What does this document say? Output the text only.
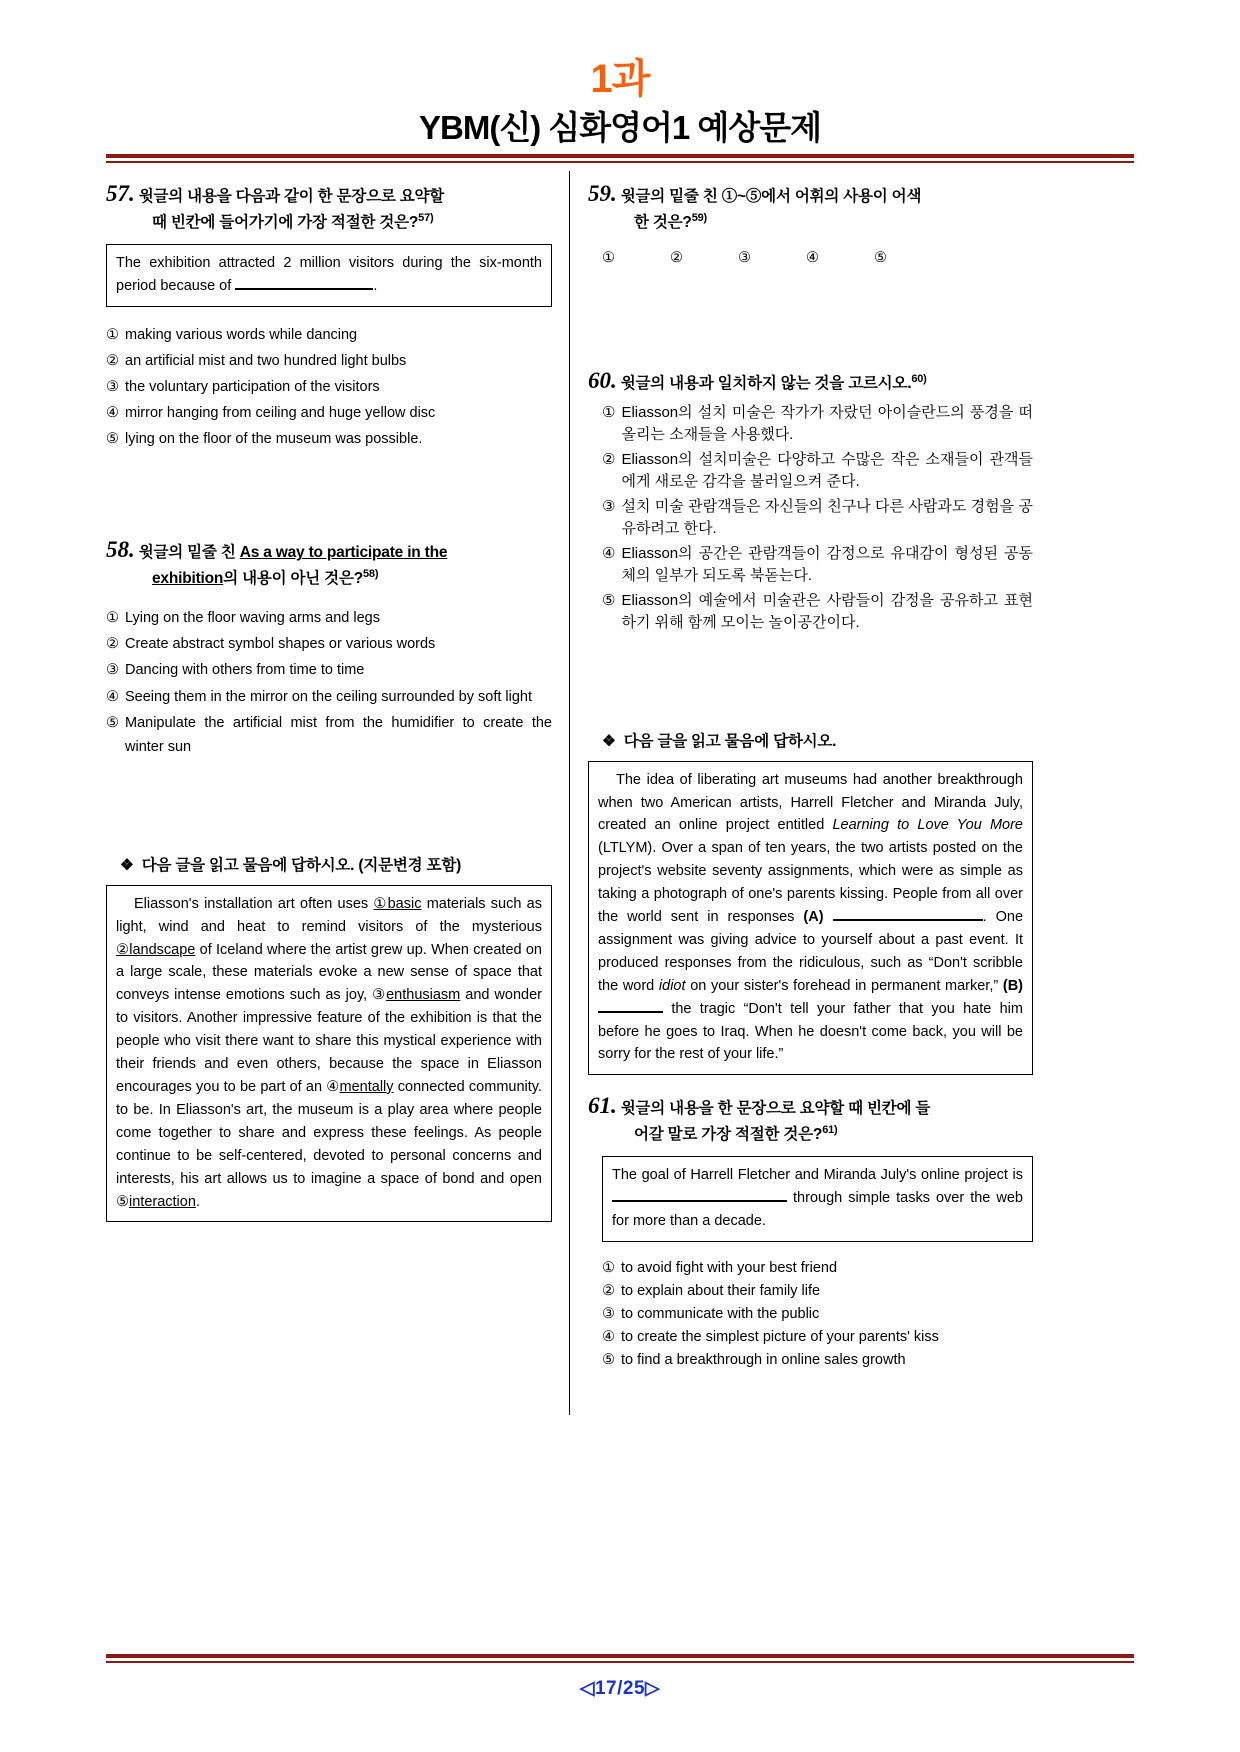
1과
YBM(신) 심화영어1 예상문제
57. 윗글의 내용을 다음과 같이 한 문장으로 요약할
때 빈칸에 들어가기에 가장 적절한 것은?$^{57)}$

The exhibition attracted 2 million visitors during the six-month period because of	.

① making various words while dancing
② an artificial mist and two hundred light bulbs
③ the voluntary participation of the visitors
④ mirror hanging from ceiling and huge yellow disc
⑤ lying on the floor of the museum was possible.
58. 윗글의 밑줄 친 As a way to participate in the
exhibition의 내용이 아닌 것은?$^{58)}$
① Lying on the floor waving arms and legs
② Create abstract symbol shapes or various words
③ Dancing with others from time to time
④ Seeing them in the mirror on the ceiling surrounded by soft light
⑤ Manipulate the artificial mist from the humidifier to create the winter sun
❖ 다음 글을 읽고 물음에 답하시오. (지문변경 포함)

Eliasson's installation art often uses ①basic materials such as light, wind and heat to remind visitors of the mysterious ②landscape of Iceland where the artist grew up. When created on a large scale, these materials evoke a new sense of space that conveys intense emotions such as joy, ③enthusiasm and wonder to visitors. Another impressive feature of the exhibition is that the people who visit there want to share this mystical experience with their friends and even others, because the space in Eliasson encourages you to be part of an ④mentally connected community. to be. In Eliasson's art, the museum is a play area where people come together to share and express these feelings. As people continue to be self-centered, devoted to personal concerns and interests, his art allows us to imagine a space of bond and open ⑤interaction.

59. 윗글의 밑줄 친 ①~⑤에서 어휘의 사용이 어색
한 것은?$^{59)}$
①	②	③	④	⑤
60. 윗글의 내용과 일치하지 않는 것을 고르시오.$^{60)}$
① Eliasson의 설치 미술은 작가가 자랐던 아이슬란드의 풍경을 떠올리는 소재들을 사용했다.
② Eliasson의 설치미술은 다양하고 수많은 작은 소재들이 관객들에게 새로운 감각을 불러일으켜 준다.
③ 설치 미술 관람객들은 자신들의 친구나 다른 사람과도 경험을 공유하려고 한다.
④ Eliasson의 공간은 관람객들이 감정으로 유대감이 형성된 공동체의 일부가 되도록 북돋는다.
⑤ Eliasson의 예술에서 미술관은 사람들이 감정을 공유하고 표현하기 위해 함께 모이는 놀이공간이다.
❖ 다음 글을 읽고 물음에 답하시오.

The idea of liberating art museums had another breakthrough when two American artists, Harrell Fletcher and Miranda July, created an online project entitled Learning to Love You More (LTLYM). Over a span of ten years, the two artists posted on the project's website seventy assignments, which were as simple as taking a photograph of one's parents kissing. People from all over the world sent in responses (A)	. One assignment was giving advice to yourself about a past event. It produced responses from the ridiculous, such as “Don't scribble the word idiot on your sister's forehead in permanent marker,” (B)  the tragic “Don't tell your father that you hate him before he goes to Iraq. When he doesn't come back, you will be sorry for the rest of your life.”

61. 윗글의 내용을 한 문장으로 요약할 때 빈칸에 들
어갈 말로 가장 적절한 것은?$^{61)}$

The goal of Harrell Fletcher and Miranda July's online project is  through simple tasks over the web for more than a decade.

① to avoid fight with your best friend
② to explain about their family life
③ to communicate with the public
④ to create the simplest picture of your parents' kiss
⑤ to find a breakthrough in online sales growth
◁17/25▷
